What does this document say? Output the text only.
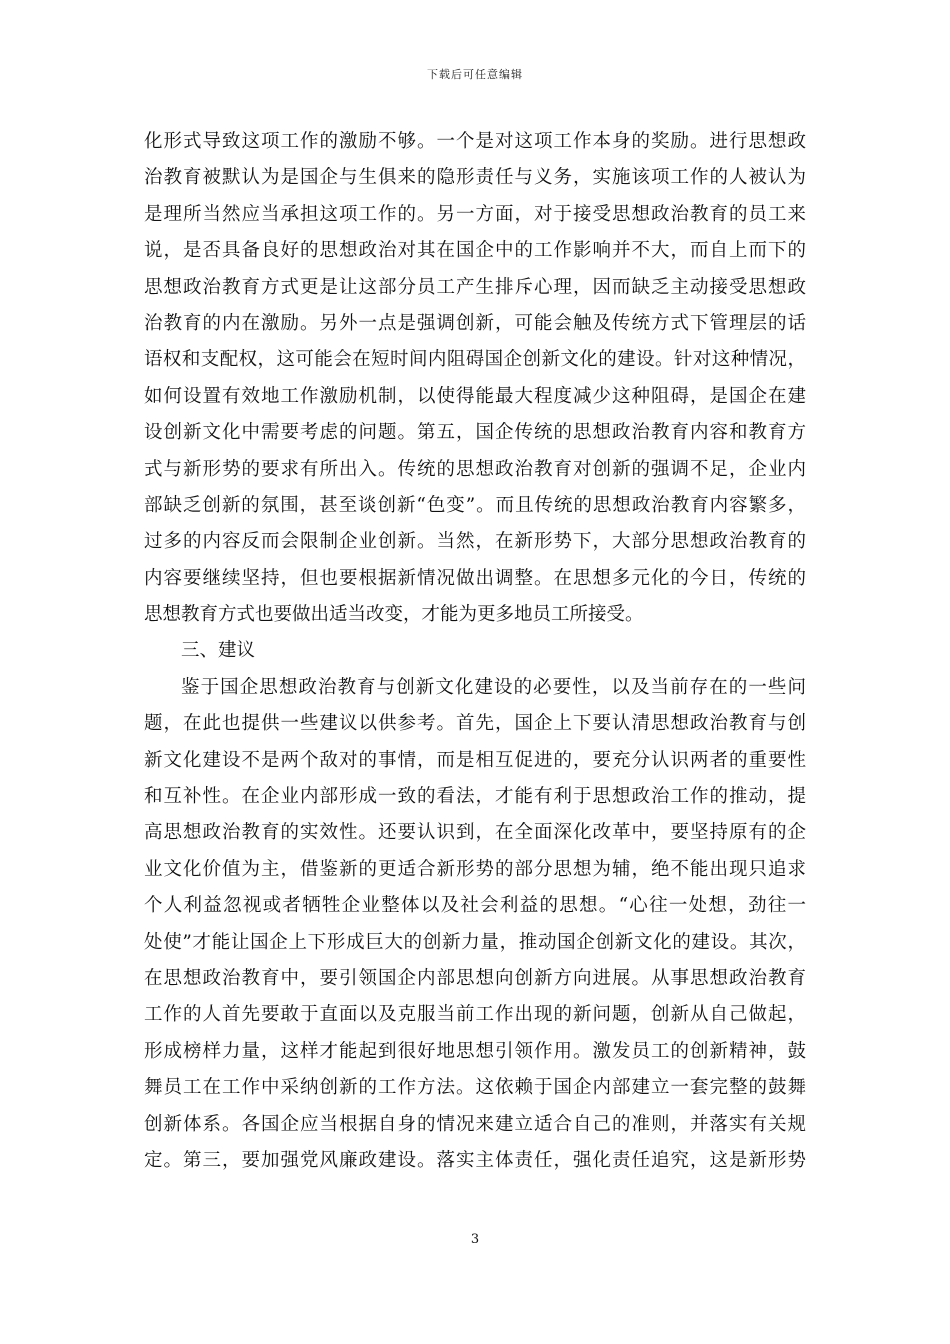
下载后可任意编辑
化形式导致这项工作的激励不够。一个是对这项工作本身的奖励。进行思想政
治教育被默认为是国企与生俱来的隐形责任与义务，实施该项工作的人被认为
是理所当然应当承担这项工作的。另一方面，对于接受思想政治教育的员工来
说，是否具备良好的思想政治对其在国企中的工作影响并不大，而自上而下的
思想政治教育方式更是让这部分员工产生排斥心理，因而缺乏主动接受思想政
治教育的内在激励。另外一点是强调创新，可能会触及传统方式下管理层的话
语权和支配权，这可能会在短时间内阻碍国企创新文化的建设。针对这种情况，
如何设置有效地工作激励机制，以使得能最大程度减少这种阻碍，是国企在建
设创新文化中需要考虑的问题。第五，国企传统的思想政治教育内容和教育方
式与新形势的要求有所出入。传统的思想政治教育对创新的强调不足，企业内
部缺乏创新的氛围，甚至谈创新“色变”。而且传统的思想政治教育内容繁多，
过多的内容反而会限制企业创新。当然，在新形势下，大部分思想政治教育的
内容要继续坚持，但也要根据新情况做出调整。在思想多元化的今日，传统的
思想教育方式也要做出适当改变，才能为更多地员工所接受。
三、建议
鉴于国企思想政治教育与创新文化建设的必要性，以及当前存在的一些问
题，在此也提供一些建议以供参考。首先，国企上下要认清思想政治教育与创
新文化建设不是两个敌对的事情，而是相互促进的，要充分认识两者的重要性
和互补性。在企业内部形成一致的看法，才能有利于思想政治工作的推动，提
高思想政治教育的实效性。还要认识到，在全面深化改革中，要坚持原有的企
业文化价值为主，借鉴新的更适合新形势的部分思想为辅，绝不能出现只追求
个人利益忽视或者牺牲企业整体以及社会利益的思想。“心往一处想，劲往一
处使”才能让国企上下形成巨大的创新力量，推动国企创新文化的建设。其次，
在思想政治教育中，要引领国企内部思想向创新方向进展。从事思想政治教育
工作的人首先要敢于直面以及克服当前工作出现的新问题，创新从自己做起，
形成榜样力量，这样才能起到很好地思想引领作用。激发员工的创新精神，鼓
舞员工在工作中采纳创新的工作方法。这依赖于国企内部建立一套完整的鼓舞
创新体系。各国企应当根据自身的情况来建立适合自己的准则，并落实有关规
定。第三，要加强党风廉政建设。落实主体责任，强化责任追究，这是新形势
3
